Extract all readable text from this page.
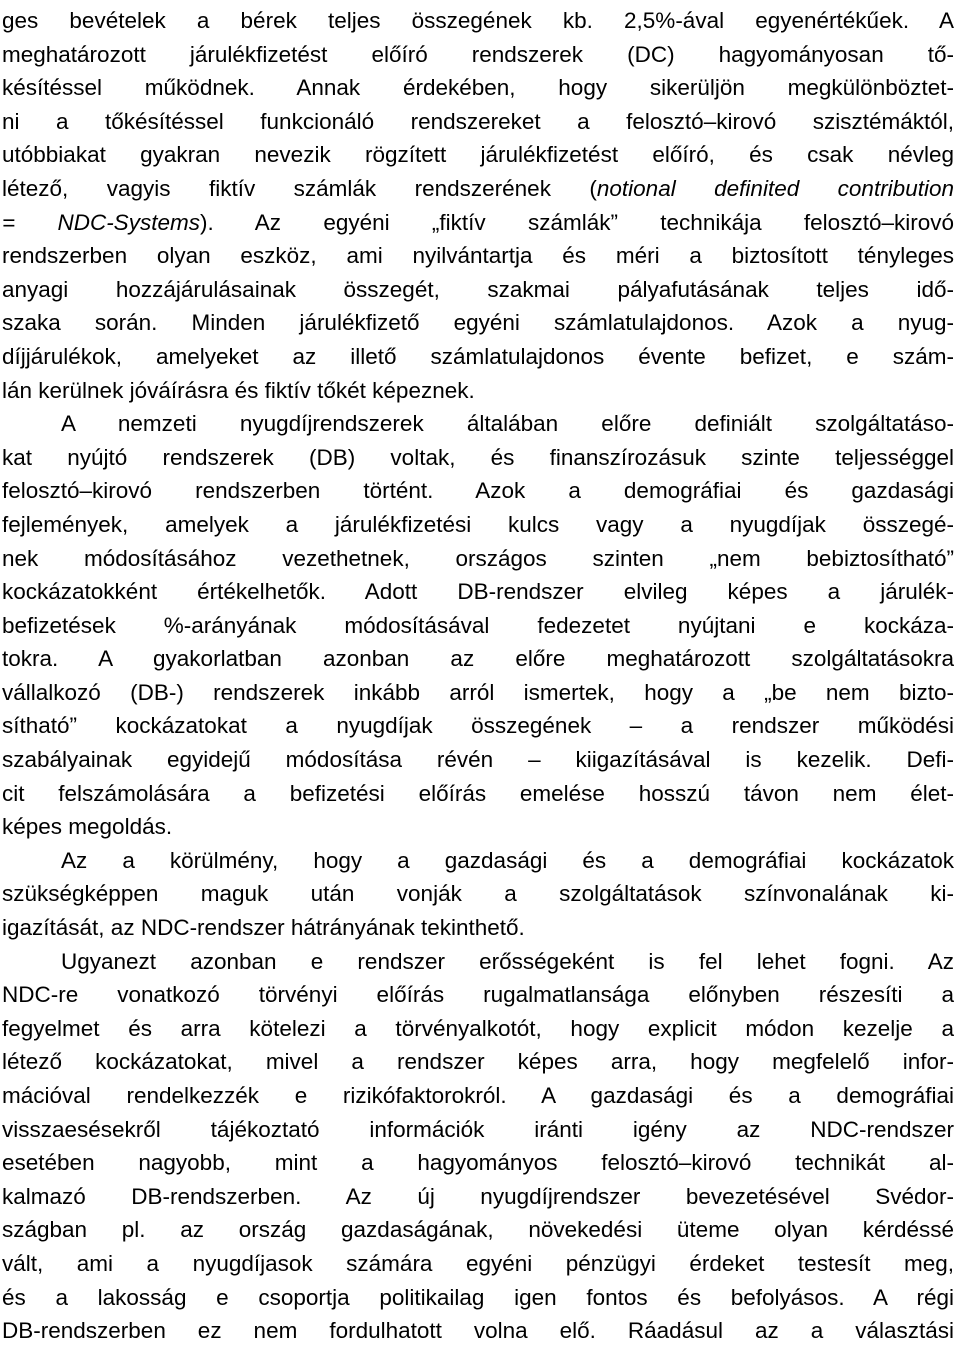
ges bevételek a bérek teljes összegének kb. 2,5%-ával egyenértékűek. A
meghatározott járulékfizetést előíró rendszerek (DC) hagyományosan tő-
késítéssel működnek. Annak érdekében, hogy sikerüljön megkülönböztet-
ni a tőkésítéssel funkcionáló rendszereket a felosztó–kirovó szisztémáktól,
utóbbiakat gyakran nevezik rögzített járulékfizetést előíró, és csak névleg
létező, vagyis fiktív számlák rendszerének (notional definited contribution
= NDC-Systems). Az egyéni „fiktív számlák” technikája felosztó–kirovó
rendszerben olyan eszköz, ami nyilvántartja és méri a biztosított tényleges
anyagi hozzájárulásainak összegét, szakmai pályafutásának teljes idő-
szaka során. Minden járulékfizető egyéni számlatulajdonos. Azok a nyug-
díjjárulékok, amelyeket az illető számlatulajdonos évente befizet, e szám-
lán kerülnek jóváírásra és fiktív tőkét képeznek.
A nemzeti nyugdíjrendszerek általában előre definiált szolgáltatáso-
kat nyújtó rendszerek (DB) voltak, és finanszírozásuk szinte teljességgel
felosztó–kirovó rendszerben történt. Azok a demográfiai és gazdasági
fejlemények, amelyek a járulékfizetési kulcs vagy a nyugdíjak összegé-
nek módosításához vezethetnek, országos szinten „nem bebiztosítható”
kockázatokként értékelhetők. Adott DB-rendszer elvileg képes a járulék-
befizetések %-arányának módosításával fedezetet nyújtani e kockáza-
tokra. A gyakorlatban azonban az előre meghatározott szolgáltatásokra
vállalkozó (DB-) rendszerek inkább arról ismertek, hogy a „be nem bizto-
sítható” kockázatokat a nyugdíjak összegének – a rendszer működési
szabályainak egyidejű módosítása révén – kiigazításával is kezelik. Defi-
cit felszámolására a befizetési előírás emelése hosszú távon nem élet-
képes megoldás.
Az a körülmény, hogy a gazdasági és a demográfiai kockázatok
szükségképpen maguk után vonják a szolgáltatások színvonalának ki-
igazítását, az NDC-rendszer hátrányának tekinthető.
Ugyanezt azonban e rendszer erősségeként is fel lehet fogni. Az
NDC-re vonatkozó törvényi előírás rugalmatlansága előnyben részesíti a
fegyelmet és arra kötelezi a törvényalkotót, hogy explicit módon kezelje a
létező kockázatokat, mivel a rendszer képes arra, hogy megfelelő infor-
mációval rendelkezzék e rizikófaktorokról. A gazdasági és a demográfiai
visszaesésekről tájékoztató információk iránti igény az NDC-rendszer
esetében nagyobb, mint a hagyományos felosztó–kirovó technikát al-
kalmazó DB-rendszerben. Az új nyugdíjrendszer bevezetésével Svédor-
szágban pl. az ország gazdaságának, növekedési üteme olyan kérdéssé
vált, ami a nyugdíjasok számára egyéni pénzügyi érdeket testesít meg,
és a lakosság e csoportja politikailag igen fontos és befolyásos. A régi
DB-rendszerben ez nem fordulhatott volna elő. Ráadásul az a választási
